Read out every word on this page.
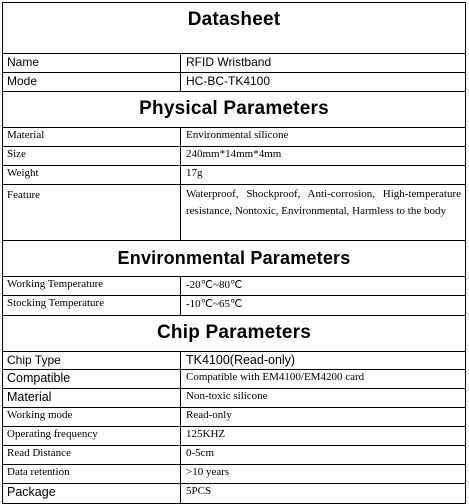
Datasheet
Name	RFID Wristband
Mode	HC-BC-TK4100
Physical Parameters
Material	Environmental silicone
Size	240mm*14mm*4mm
Weight	17g
Feature	Waterproof, Shockproof, Anti-corrosion, High-temperature resistance, Nontoxic, Environmental, Harmless to the body
Environmental Parameters
Working Temperature	-20℃~80℃
Stocking Temperature	-10℃~65℃
Chip Parameters
Chip Type	TK4100(Read-only)
Compatible	Compatible with EM4100/EM4200 card
Material	Non-toxic silicone
Working mode	Read-only
Operating frequency	125KHZ
Read Distance	0-5cm
Data retention	>10 years
Package	5PCS
